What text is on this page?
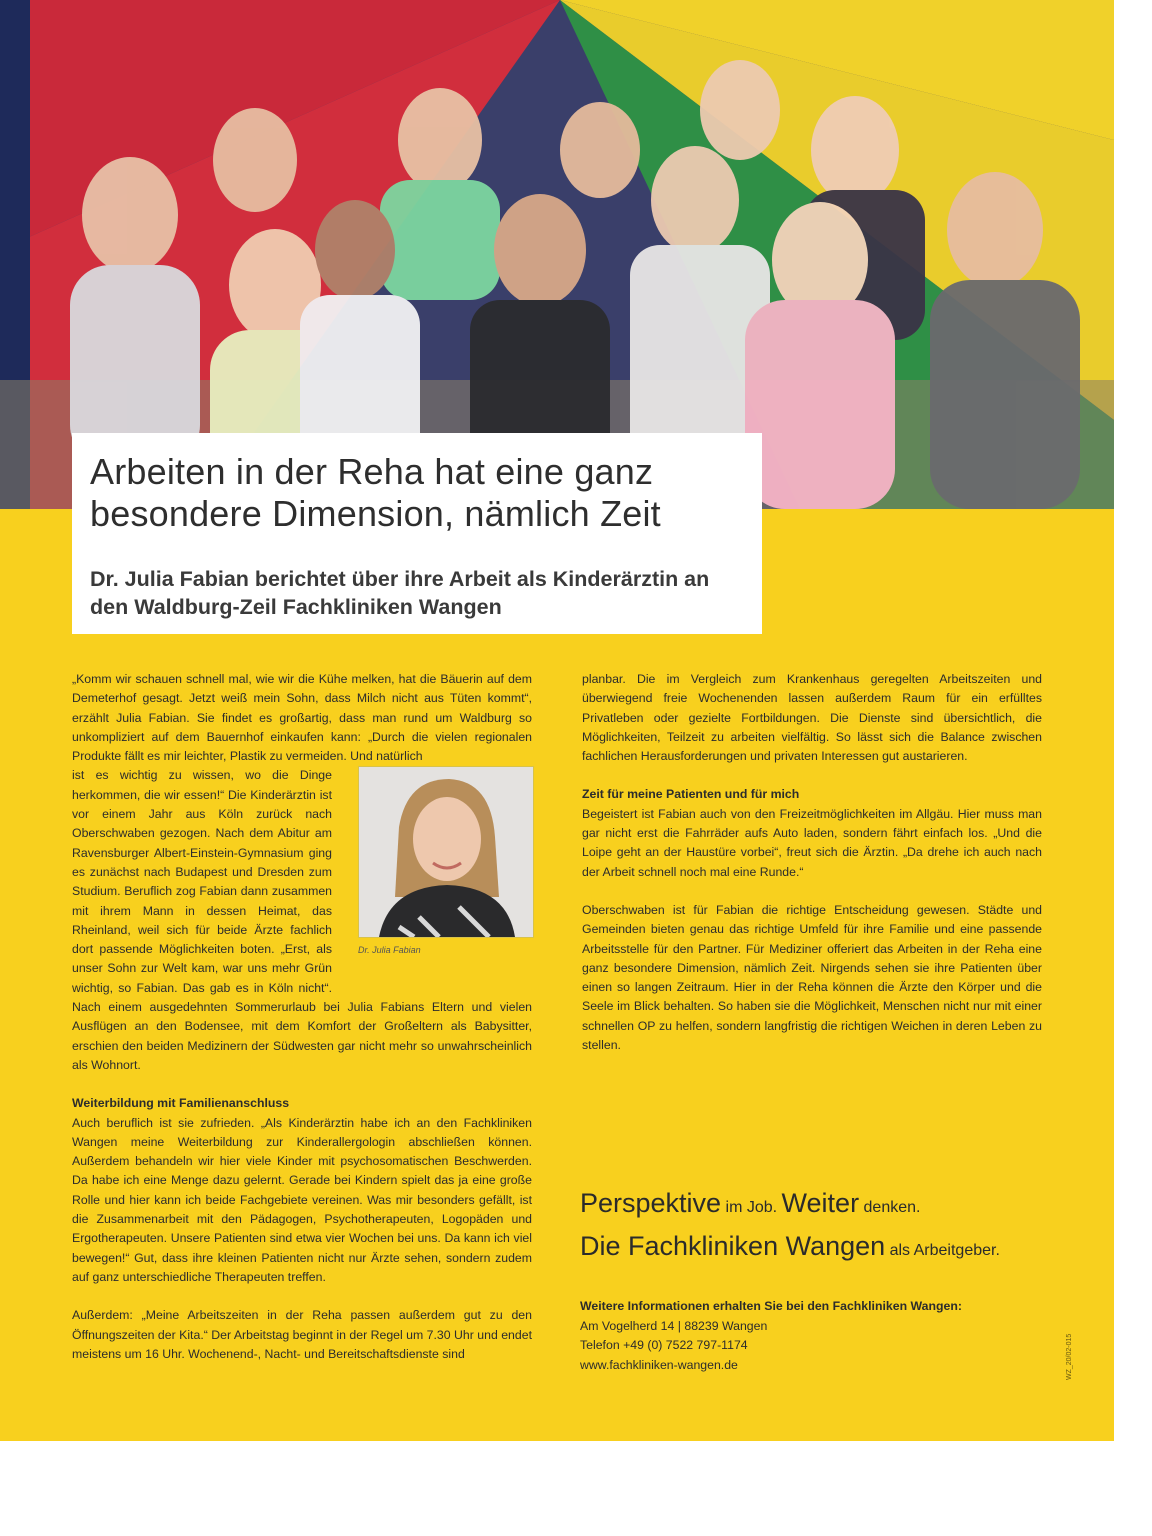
Arbeiten in der Reha hat eine ganz besondere Dimension, nämlich Zeit
Dr. Julia Fabian berichtet über ihre Arbeit als Kinderärztin an den Waldburg-Zeil Fachkliniken Wangen

„Komm wir schauen schnell mal, wie wir die Kühe melken, hat die Bäuerin auf dem Demeterhof gesagt. Jetzt weiß mein Sohn, dass Milch nicht aus Tüten kommt“, erzählt Julia Fabian. Sie findet es großartig, dass man rund um Waldburg so unkompliziert auf dem Bauernhof einkaufen kann: „Durch die vielen regionalen Produkte fällt es mir leichter, Plastik zu vermeiden. Und natürlich

Dr. Julia Fabian

ist es wichtig zu wissen, wo die Dinge herkommen, die wir essen!“ Die Kinderärztin ist vor einem Jahr aus Köln zurück nach Oberschwaben gezogen. Nach dem Abitur am Ravensburger Albert-Einstein-Gymnasium ging es zunächst nach Budapest und Dresden zum Studium. Beruflich zog Fabian dann zusammen mit ihrem Mann in dessen Heimat, das Rheinland, weil sich für beide Ärzte fachlich dort passende Möglichkeiten boten. „Erst, als unser Sohn zur Welt kam, war uns mehr Grün wichtig, so Fabian. Das gab es in Köln nicht“. Nach einem ausgedehnten Sommerurlaub bei Julia Fabians Eltern und vielen Ausflügen an den Bodensee, mit dem Komfort der Großeltern als Babysitter, erschien den beiden Medizinern der Südwesten gar nicht mehr so unwahrscheinlich als Wohnort.

Weiterbildung mit Familienanschluss

Auch beruflich ist sie zufrieden. „Als Kinderärztin habe ich an den Fachkliniken Wangen meine Weiterbildung zur Kinderallergologin abschließen können. Außerdem behandeln wir hier viele Kinder mit psychosomatischen Beschwerden. Da habe ich eine Menge dazu gelernt. Gerade bei Kindern spielt das ja eine große Rolle und hier kann ich beide Fachgebiete vereinen. Was mir besonders gefällt, ist die Zusammenarbeit mit den Pädagogen, Psychotherapeuten, Logopäden und Ergotherapeuten. Unsere Patienten sind etwa vier Wochen bei uns. Da kann ich viel bewegen!“ Gut, dass ihre kleinen Patienten nicht nur Ärzte sehen, sondern zudem auf ganz unterschiedliche Therapeuten treffen.

Außerdem: „Meine Arbeitszeiten in der Reha passen außerdem gut zu den Öffnungszeiten der Kita.“ Der Arbeitstag beginnt in der Regel um 7.30 Uhr und endet meistens um 16 Uhr. Wochenend-, Nacht- und Bereitschaftsdienste sind

planbar. Die im Vergleich zum Krankenhaus geregelten Arbeitszeiten und überwiegend freie Wochenenden lassen außerdem Raum für ein erfülltes Privatleben oder gezielte Fortbildungen. Die Dienste sind übersichtlich, die Möglichkeiten, Teilzeit zu arbeiten vielfältig. So lässt sich die Balance zwischen fachlichen Herausforderungen und privaten Interessen gut austarieren.

Zeit für meine Patienten und für mich

Begeistert ist Fabian auch von den Freizeitmöglichkeiten im Allgäu. Hier muss man gar nicht erst die Fahrräder aufs Auto laden, sondern fährt einfach los. „Und die Loipe geht an der Haustüre vorbei“, freut sich die Ärztin. „Da drehe ich auch nach der Arbeit schnell noch mal eine Runde.“

Oberschwaben ist für Fabian die richtige Entscheidung gewesen. Städte und Gemeinden bieten genau das richtige Umfeld für ihre Familie und eine passende Arbeitsstelle für den Partner. Für Mediziner offeriert das Arbeiten in der Reha eine ganz besondere Dimension, nämlich Zeit. Nirgends sehen sie ihre Patienten über einen so langen Zeitraum. Hier in der Reha können die Ärzte den Körper und die Seele im Blick behalten. So haben sie die Möglichkeit, Menschen nicht nur mit einer schnellen OP zu helfen, sondern langfristig die richtigen Weichen in deren Leben zu stellen.

Perspektive im Job. Weiter denken.

Die Fachkliniken Wangen als Arbeitgeber.

Weitere Informationen erhalten Sie bei den Fachkliniken Wangen:

Am Vogelherd 14 | 88239 Wangen

Telefon +49 (0) 7522 797-1174

www.fachkliniken-wangen.de	WZ_20/02-015
